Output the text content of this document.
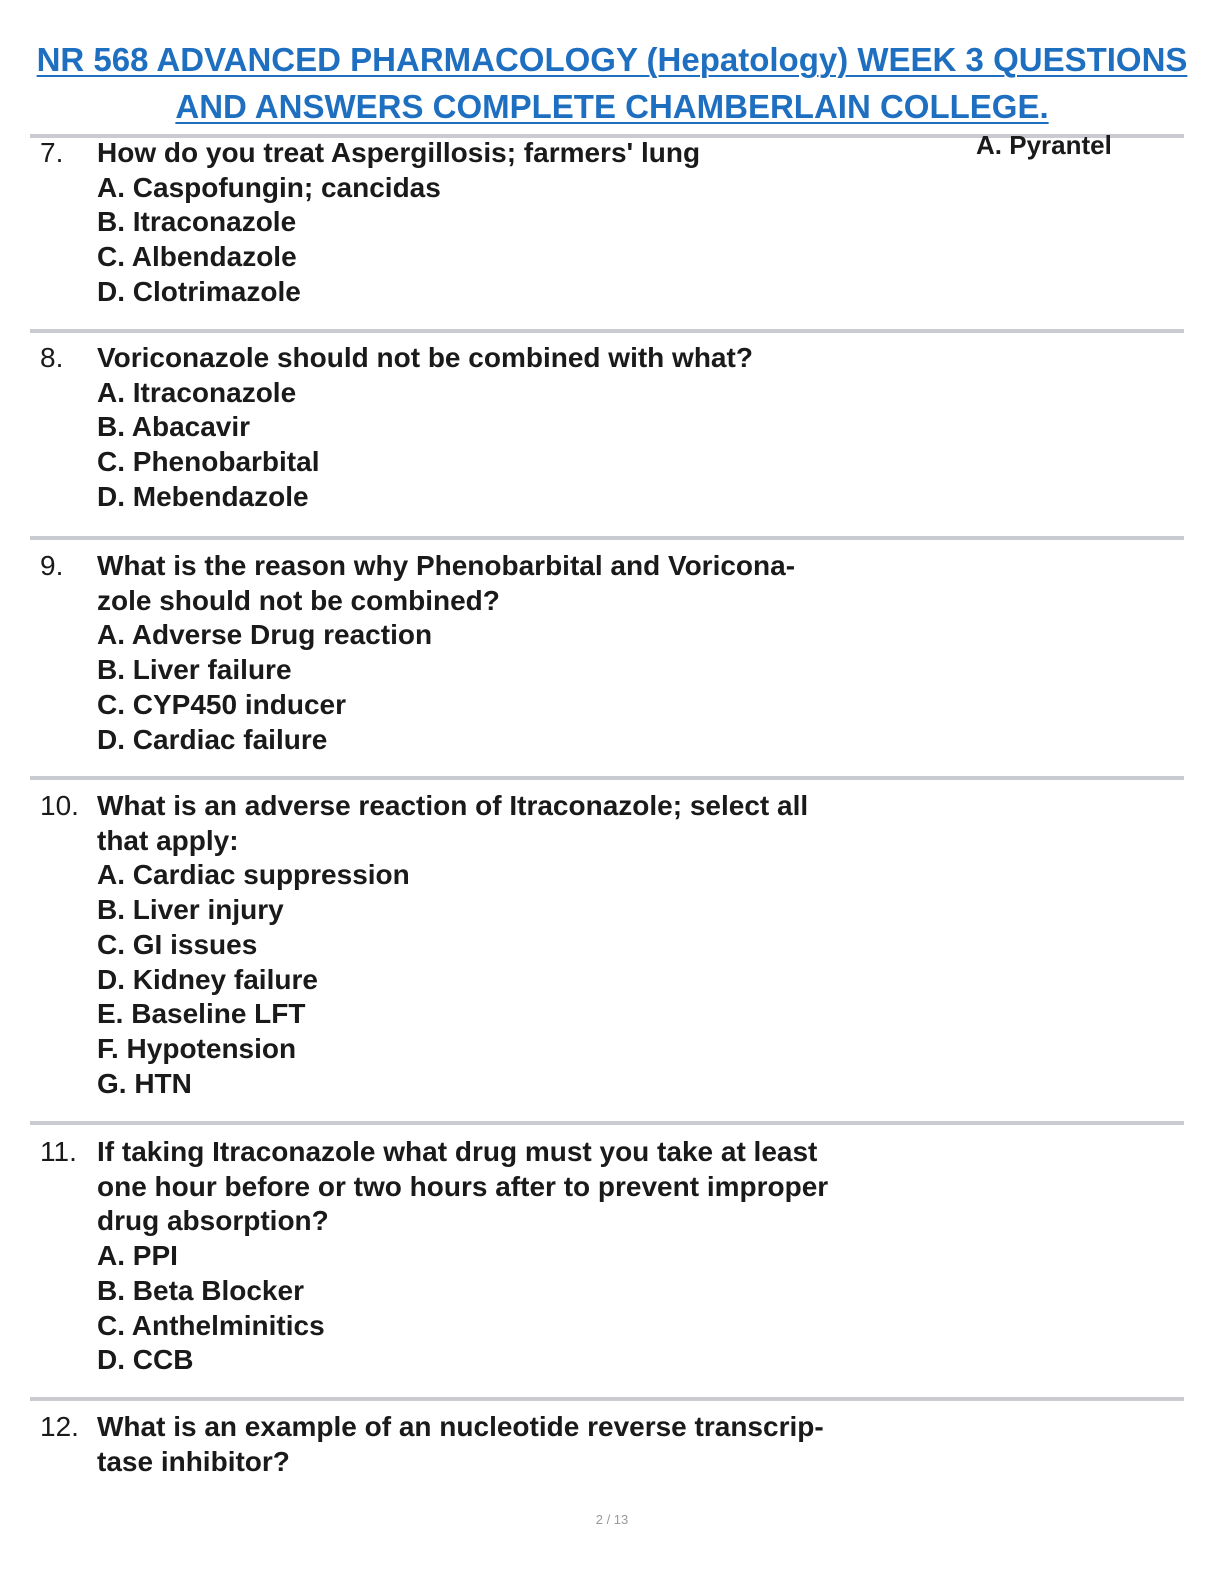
NR 568 ADVANCED PHARMACOLOGY (Hepatology) WEEK 3 QUESTIONS
AND ANSWERS COMPLETE CHAMBERLAIN COLLEGE.
A. Pyrantel
7.	How do you treat Aspergillosis; farmers' lung
A. Caspofungin; cancidas
B. Itraconazole
C. Albendazole
D. Clotrimazole
8.	Voriconazole should not be combined with what?
A. Itraconazole
B. Abacavir
C. Phenobarbital
D. Mebendazole
9.	What is the reason why Phenobarbital and Voricona-
zole should not be combined?
A. Adverse Drug reaction
B. Liver failure
C. CYP450 inducer
D. Cardiac failure
10. What is an adverse reaction of Itraconazole; select all
that apply:
A. Cardiac suppression
B. Liver injury
C. GI issues
D. Kidney failure
E. Baseline LFT
F. Hypotension
G. HTN
11. If taking Itraconazole what drug must you take at least
one hour before or two hours after to prevent improper
drug absorption?
A. PPI
B. Beta Blocker
C. Anthelminitics
D. CCB
12. What is an example of an nucleotide reverse transcrip-
tase inhibitor?
2 / 13
